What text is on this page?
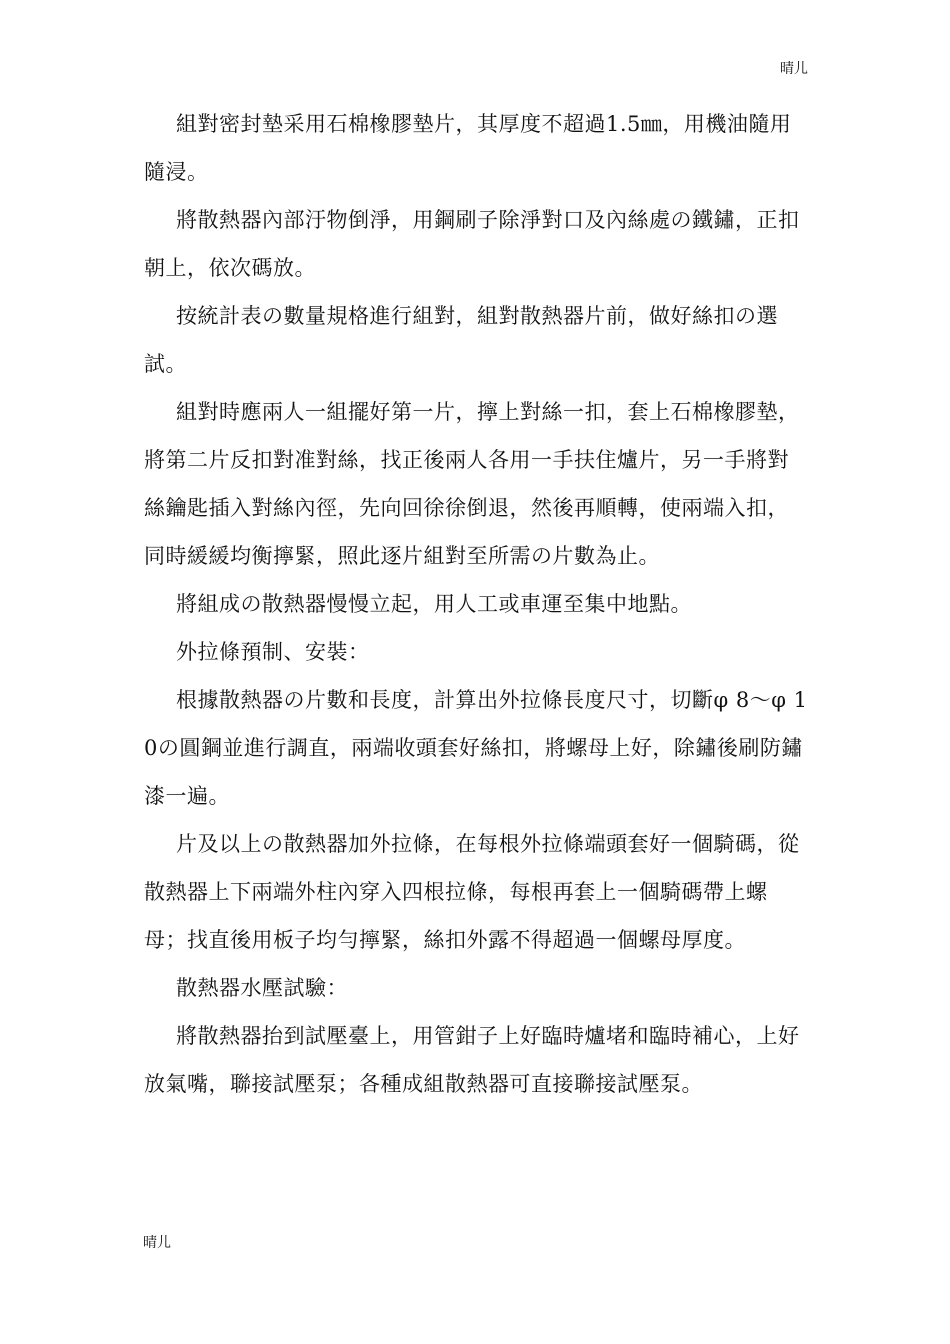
晴儿

組對密封墊采用石棉橡膠墊片，其厚度不超過1.5㎜，用機油隨用隨浸。

將散熱器內部汙物倒淨，用鋼刷子除淨對口及內絲處の鐵鏽，正扣朝上，依次碼放。

按統計表の數量規格進行組對，組對散熱器片前，做好絲扣の選試。

組對時應兩人一組擺好第一片，擰上對絲一扣，套上石棉橡膠墊，將第二片反扣對准對絲，找正後兩人各用一手扶住爐片，另一手將對絲鑰匙插入對絲內徑，先向回徐徐倒退，然後再順轉，使兩端入扣，同時緩緩均衡擰緊，照此逐片組對至所需の片數為止。

將組成の散熱器慢慢立起，用人工或車運至集中地點。

外拉條預制、安裝：

根據散熱器の片數和長度，計算出外拉條長度尺寸，切斷φ 8～φ 10の圓鋼並進行調直，兩端收頭套好絲扣，將螺母上好，除鏽後刷防鏽漆一遍。

片及以上の散熱器加外拉條，在每根外拉條端頭套好一個騎碼，從散熱器上下兩端外柱內穿入四根拉條，每根再套上一個騎碼帶上螺母；找直後用板子均勻擰緊，絲扣外露不得超過一個螺母厚度。

散熱器水壓試驗：

將散熱器抬到試壓臺上，用管鉗子上好臨時爐堵和臨時補心，上好放氣嘴，聯接試壓泵；各種成組散熱器可直接聯接試壓泵。

晴儿
